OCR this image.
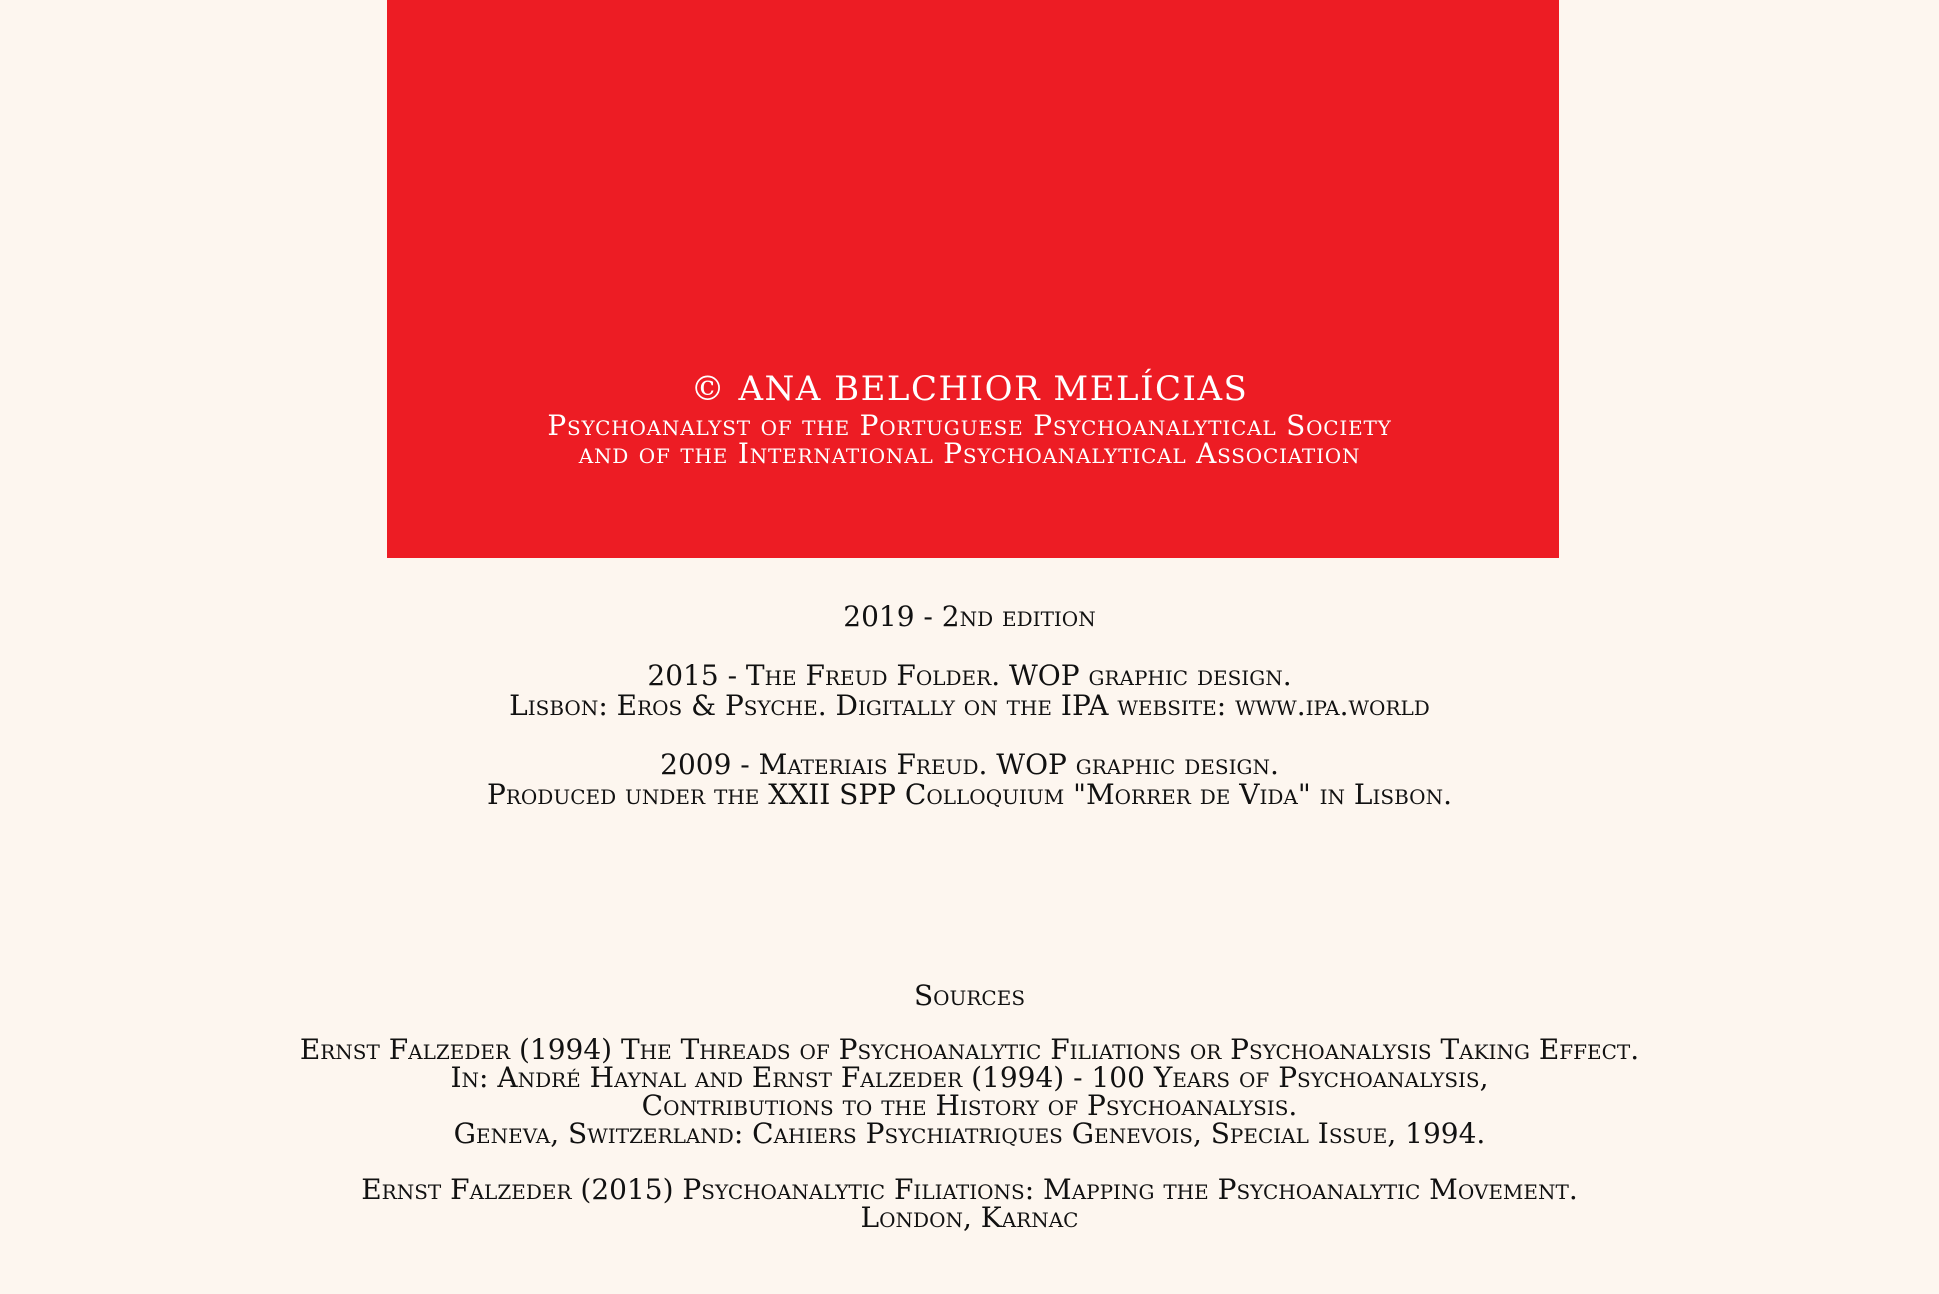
© ANA BELCHIOR MELÍCIAS
Psychoanalyst of the Portuguese Psychoanalytical Society
and of the International Psychoanalytical Association
2019 - 2nd edition
2015 - The Freud Folder. WOP graphic design.
Lisbon: Eros & Psyche. Digitally on the IPA website: www.ipa.world
2009 - Materiais Freud. WOP graphic design.
Produced under the XXII SPP Colloquium "Morrer de Vida" in Lisbon.
Sources
Ernst Falzeder (1994) The Threads of Psychoanalytic Filiations or Psychoanalysis Taking Effect.
In: André Haynal and Ernst Falzeder (1994) - 100 Years of Psychoanalysis,
Contributions to the History of Psychoanalysis.
Geneva, Switzerland: Cahiers Psychiatriques Genevois, Special Issue, 1994.
Ernst Falzeder (2015) Psychoanalytic Filiations: Mapping the Psychoanalytic Movement.
London, Karnac
